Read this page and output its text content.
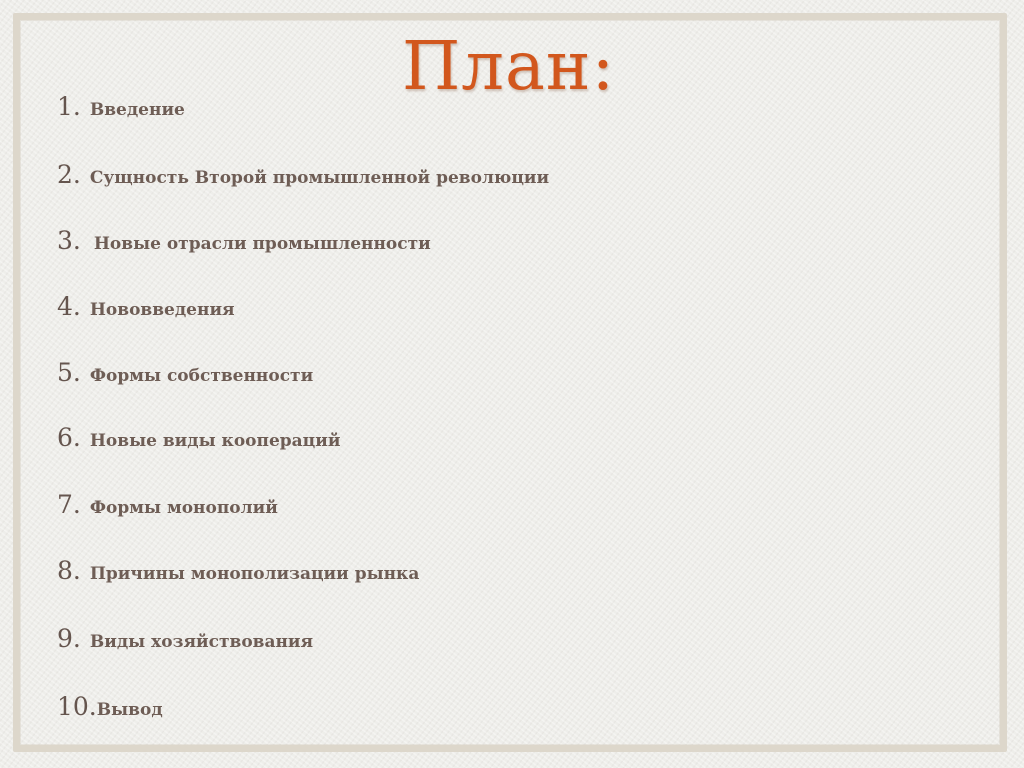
План:
1. Введение
2. Сущность Второй промышленной революции
3. Новые отрасли промышленности
4. Нововведения
5. Формы собственности
6. Новые виды коопераций
7. Формы монополий
8. Причины монополизации рынка
9. Виды хозяйствования
10. Вывод
